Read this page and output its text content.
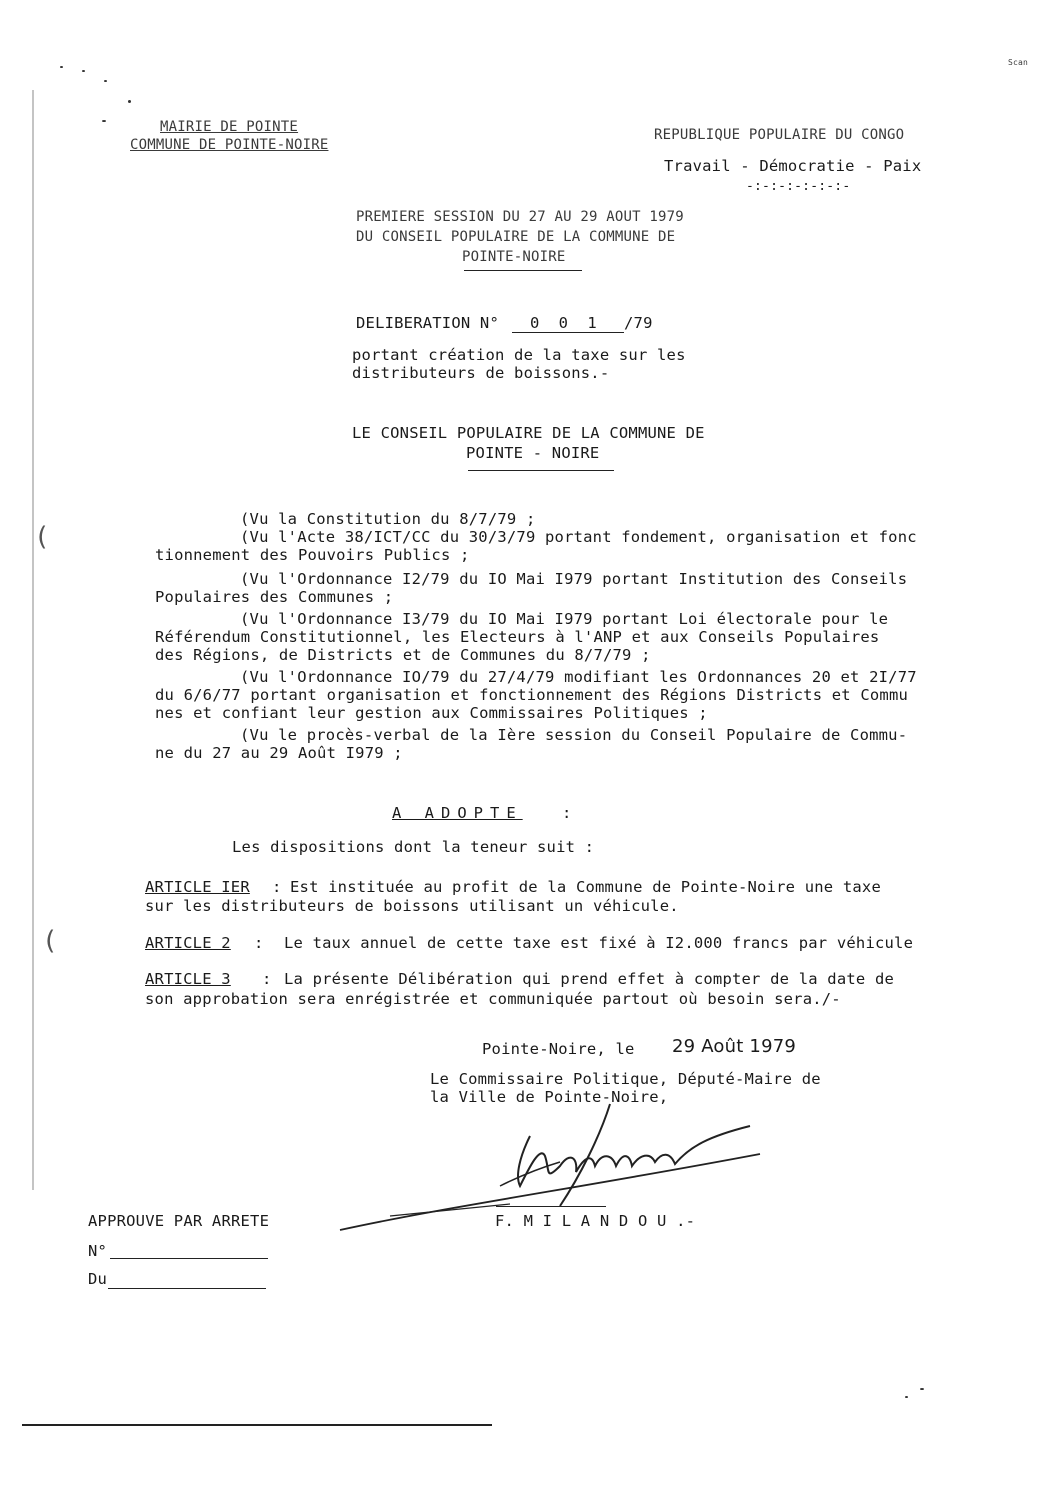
Scan
(
(
MAIRIE DE POINTE
COMMUNE DE POINTE-NOIRE
REPUBLIQUE POPULAIRE DU CONGO
Travail - Démocratie - Paix
-:-:-:-:-:-:-
PREMIERE SESSION DU 27 AU 29 AOUT 1979
DU CONSEIL POPULAIRE DE LA COMMUNE DE
POINTE-NOIRE
DELIBERATION N° 0 0 1 /79
portant création de la taxe sur les
distributeurs de boissons.-
LE CONSEIL POPULAIRE DE LA COMMUNE DE
POINTE - NOIRE
(Vu la Constitution du 8/7/79 ;
(Vu l'Acte 38/ICT/CC du 30/3/79 portant fondement, organisation et fonc
tionnement des Pouvoirs Publics ;
(Vu l'Ordonnance I2/79 du IO Mai I979 portant Institution des Conseils
Populaires des Communes ;
(Vu l'Ordonnance I3/79 du IO Mai I979 portant Loi électorale pour le
Référendum Constitutionnel, les Electeurs à l'ANP et aux Conseils Populaires
des Régions, de Districts et de Communes du 8/7/79 ;
(Vu l'Ordonnance IO/79 du 27/4/79 modifiant les Ordonnances 20 et 2I/77
du 6/6/77 portant organisation et fonctionnement des Régions Districts et Commu
nes et confiant leur gestion aux Commissaires Politiques ;
(Vu le procès-verbal de la Ière session du Conseil Populaire de Commu-
ne du 27 au 29 Août I979 ;
A ADOPTE	:
Les dispositions dont la teneur suit :
ARTICLE IER : Est instituée au profit de la Commune de Pointe-Noire une taxe
sur les distributeurs de boissons utilisant un véhicule.
ARTICLE 2 : Le taux annuel de cette taxe est fixé à I2.000 francs par véhicule
ARTICLE 3 : La présente Délibération qui prend effet à compter de la date de
son approbation sera enrégistrée et communiquée partout où besoin sera./-
Pointe-Noire, le 29 Août 1979
Le Commissaire Politique, Député-Maire de
la Ville de Pointe-Noire,
F. M I L A N D O U .-
APPROUVE PAR ARRETE
N°
Du
